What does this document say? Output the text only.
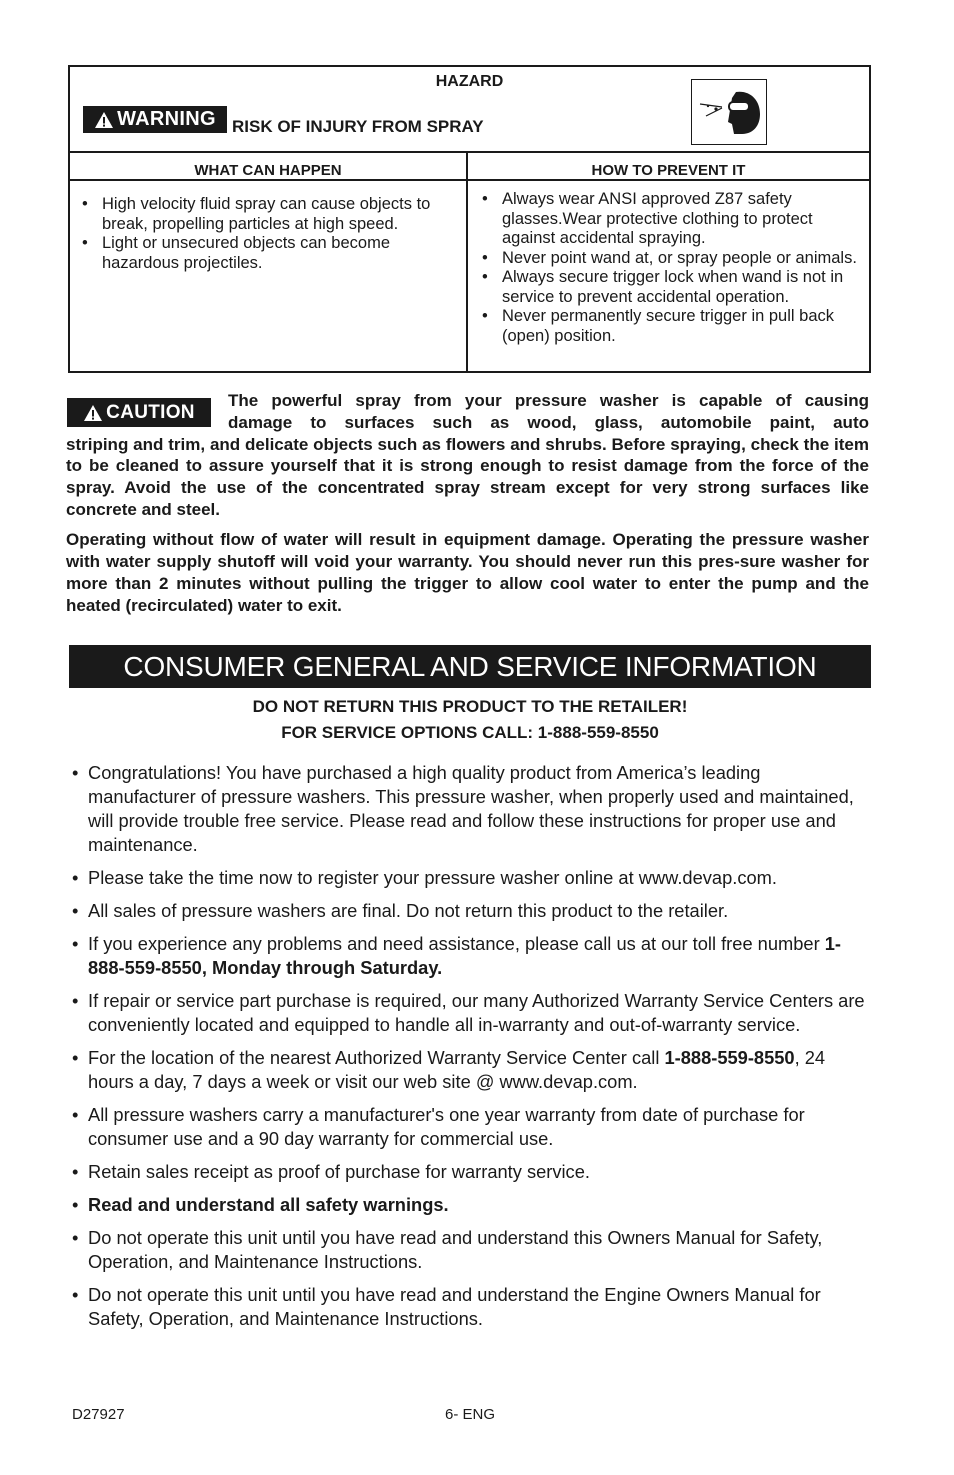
HAZARD
WARNING RISK OF INJURY FROM SPRAY
WHAT CAN HAPPEN	HOW TO PREVENT IT
• High velocity fluid spray can cause objects to break, propelling particles at high speed.
• Light or unsecured objects can become hazardous projectiles.
• Always wear ANSI approved Z87 safety glasses.Wear protective clothing to protect against accidental spraying.
• Never point wand at, or spray people or animals.
• Always secure trigger lock when wand is not in service to prevent accidental operation.
• Never permanently secure trigger in pull back (open) position.
CAUTION
The powerful spray from your pressure washer is capable of causing
damage to surfaces such as wood, glass, automobile paint, auto
striping and trim, and delicate objects such as flowers and shrubs. Before spraying, check the item to be cleaned to assure yourself that it is strong enough to resist damage from the force of the spray. Avoid the use of the concentrated spray stream except for very strong surfaces like concrete and steel.
Operating without flow of water will result in equipment damage. Operating the pressure washer with water supply shutoff will void your warranty. You should never run this pres-sure washer for more than 2 minutes without pulling the trigger to allow cool water to enter the pump and the heated (recirculated) water to exit.
CONSUMER GENERAL AND SERVICE INFORMATION
DO NOT RETURN THIS PRODUCT TO THE RETAILER!
FOR SERVICE OPTIONS CALL: 1-888-559-8550
• Congratulations! You have purchased a high quality product from America’s leading manufacturer of pressure washers. This pressure washer, when properly used and maintained, will provide trouble free service. Please read and follow these instructions for proper use and maintenance.
• Please take the time now to register your pressure washer online at www.devap.com.
• All sales of pressure washers are final. Do not return this product to the retailer.
• If you experience any problems and need assistance, please call us at our toll free number 1-888-559-8550, Monday through Saturday.
• If repair or service part purchase is required, our many Authorized Warranty Service Centers are conveniently located and equipped to handle all in-warranty and out-of-warranty service.
• For the location of the nearest Authorized Warranty Service Center call 1-888-559-8550, 24 hours a day, 7 days a week or visit our web site @ www.devap.com.
• All pressure washers carry a manufacturer's one year warranty from date of purchase for consumer use and a 90 day warranty for commercial use.
• Retain sales receipt as proof of purchase for warranty service.
• Read and understand all safety warnings.
• Do not operate this unit until you have read and understand this Owners Manual for Safety, Operation, and Maintenance Instructions.
• Do not operate this unit until you have read and understand the Engine Owners Manual for Safety, Operation, and Maintenance Instructions.
D27927	6- ENG
